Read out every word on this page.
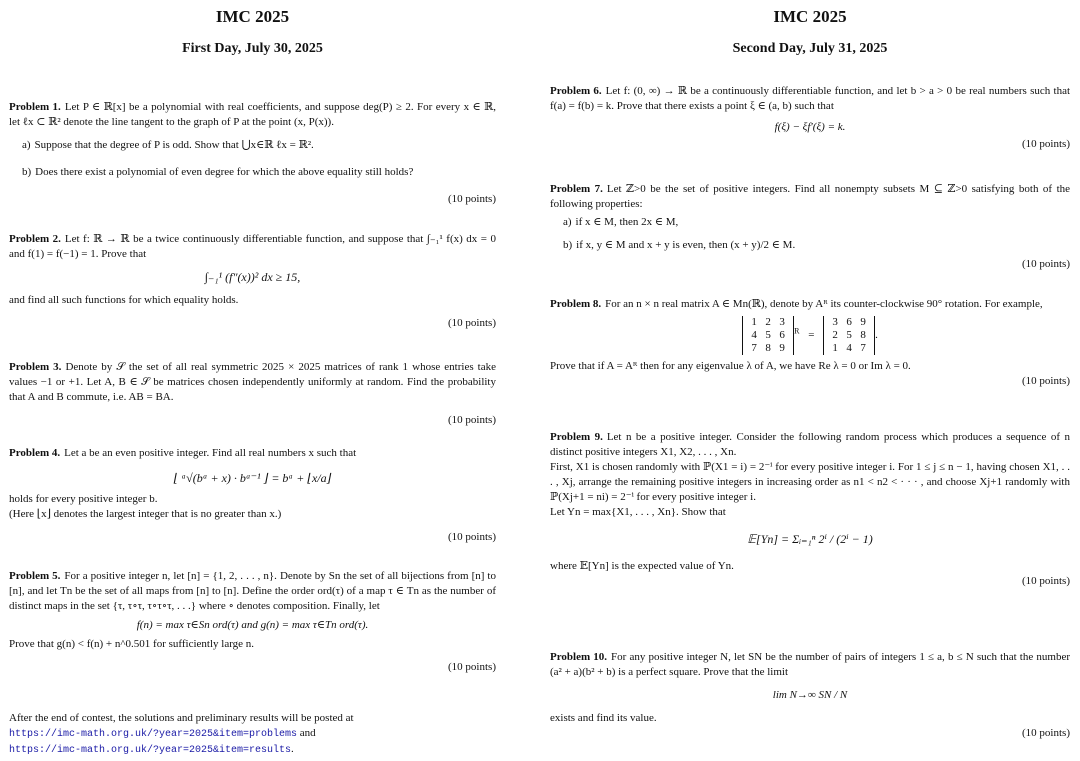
IMC 2025
First Day, July 30, 2025
Problem 1. Let P ∈ ℝ[x] be a polynomial with real coefficients, and suppose deg(P) ≥ 2. For every x ∈ ℝ, let ℓx ⊂ ℝ² denote the line tangent to the graph of P at the point (x, P(x)).
a) Suppose that the degree of P is odd. Show that ⋃x∈ℝ ℓx = ℝ².
b) Does there exist a polynomial of even degree for which the above equality still holds?
(10 points)
Problem 2. Let f: ℝ → ℝ be a twice continuously differentiable function, and suppose that ∫₋₁¹ f(x) dx = 0 and f(1) = f(−1) = 1. Prove that
∫₋₁¹ (f″(x))² dx ≥ 15,
and find all such functions for which equality holds.
(10 points)
Problem 3. Denote by 𝒮 the set of all real symmetric 2025 × 2025 matrices of rank 1 whose entries take values −1 or +1. Let A, B ∈ 𝒮 be matrices chosen independently uniformly at random. Find the probability that A and B commute, i.e. AB = BA.
(10 points)
Problem 4. Let a be an even positive integer. Find all real numbers x such that
⌊ ᵃ√(bᵃ + x) · bᵃ⁻¹ ⌋ = bᵃ + ⌊x/a⌋
holds for every positive integer b.
(Here ⌊x⌋ denotes the largest integer that is no greater than x.)
(10 points)
Problem 5. For a positive integer n, let [n] = {1, 2, . . . , n}. Denote by Sn the set of all bijections from [n] to [n], and let Tn be the set of all maps from [n] to [n]. Define the order ord(τ) of a map τ ∈ Tn as the number of distinct maps in the set {τ, τ∘τ, τ∘τ∘τ, . . .} where ∘ denotes composition. Finally, let
f(n) = max τ∈Sn ord(τ) and g(n) = max τ∈Tn ord(τ).
Prove that g(n) < f(n) + n^0.501 for sufficiently large n.
(10 points)
After the end of contest, the solutions and preliminary results will be posted at
https://imc-math.org.uk/?year=2025&item=problems and
https://imc-math.org.uk/?year=2025&item=results.
IMC 2025
Second Day, July 31, 2025
Problem 6. Let f: (0, ∞) → ℝ be a continuously differentiable function, and let b > a > 0 be real numbers such that f(a) = f(b) = k. Prove that there exists a point ξ ∈ (a, b) such that
f(ξ) − ξf′(ξ) = k.
(10 points)
Problem 7. Let ℤ>0 be the set of positive integers. Find all nonempty subsets M ⊆ ℤ>0 satisfying both of the following properties:
a) if x ∈ M, then 2x ∈ M,
b) if x, y ∈ M and x + y is even, then (x + y)/2 ∈ M.
(10 points)
Problem 8. For an n × n real matrix A ∈ Mn(ℝ), denote by Aᴿ its counter-clockwise 90° rotation. For example,
1 2 3
4 5 6
7 8 9
$^R$ =
3 6 9
2 5 8
1 4 7
.
Prove that if A = Aᴿ then for any eigenvalue λ of A, we have Re λ = 0 or Im λ = 0.
(10 points)
Problem 9. Let n be a positive integer. Consider the following random process which produces a sequence of n distinct positive integers X1, X2, . . . , Xn.
First, X1 is chosen randomly with ℙ(X1 = i) = 2⁻ⁱ for every positive integer i. For 1 ≤ j ≤ n − 1, having chosen X1, . . . , Xj, arrange the remaining positive integers in increasing order as n1 < n2 < · · · , and choose Xj+1 randomly with ℙ(Xj+1 = ni) = 2⁻ⁱ for every positive integer i.
Let Yn = max{X1, . . . , Xn}. Show that
𝔼[Yn] = Σᵢ₌₁ⁿ 2ⁱ / (2ⁱ − 1)
where 𝔼[Yn] is the expected value of Yn.
(10 points)
Problem 10. For any positive integer N, let SN be the number of pairs of integers 1 ≤ a, b ≤ N such that the number (a² + a)(b² + b) is a perfect square. Prove that the limit
lim N→∞ SN / N
exists and find its value.
(10 points)
